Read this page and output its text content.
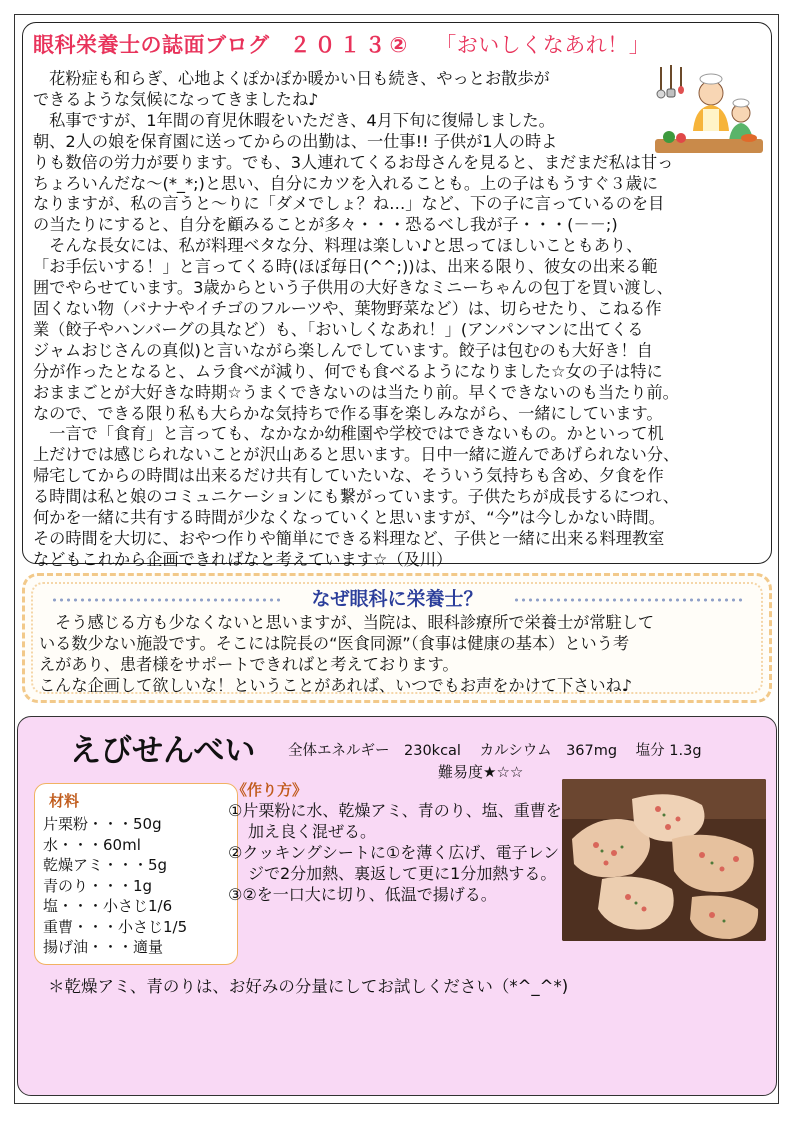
眼科栄養士の誌面ブログ ２０１３② 「おいしくなあれ！」
　花粉症も和らぎ、心地よくぽかぽか暖かい日も続き、やっとお散歩が
できるような気候になってきましたね♪
　私事ですが、1年間の育児休暇をいただき、4月下旬に復帰しました。
朝、2人の娘を保育園に送ってからの出勤は、一仕事!! 子供が1人の時よ
りも数倍の労力が要ります。でも、3人連れてくるお母さんを見ると、まだまだ私は甘っ
ちょろいんだな～(*_*;)と思い、自分にカツを入れることも。上の子はもうすぐ３歳に
なりますが、私の言うと～りに「ダメでしょ？ね…」など、下の子に言っているのを目
の当たりにすると、自分を顧みることが多々・・・恐るべし我が子・・・(－－;)
　そんな長女には、私が料理ベタな分、料理は楽しい♪と思ってほしいこともあり、
「お手伝いする！」と言ってくる時(ほぼ毎日(^^;))は、出来る限り、彼女の出来る範
囲でやらせています。3歳からという子供用の大好きなミニーちゃんの包丁を買い渡し、
固くない物（バナナやイチゴのフルーツや、葉物野菜など）は、切らせたり、こねる作
業（餃子やハンバーグの具など）も、「おいしくなあれ！」(アンパンマンに出てくる
ジャムおじさんの真似)と言いながら楽しんでしています。餃子は包むのも大好き！自
分が作ったとなると、ムラ食べが減り、何でも食べるようになりました☆女の子は特に
おままごとが大好きな時期☆うまくできないのは当たり前。早くできないのも当たり前。
なので、できる限り私も大らかな気持ちで作る事を楽しみながら、一緒にしています。
　一言で「食育」と言っても、なかなか幼稚園や学校ではできないもの。かといって机
上だけでは感じられないことが沢山あると思います。日中一緒に遊んであげられない分、
帰宅してからの時間は出来るだけ共有していたいな、そういう気持ちも含め、夕食を作
る時間は私と娘のコミュニケーションにも繋がっています。子供たちが成長するにつれ、
何かを一緒に共有する時間が少なくなっていくと思いますが、“今”は今しかない時間。
その時間を大切に、おやつ作りや簡単にできる料理など、子供と一緒に出来る料理教室
などもこれから企画できればなと考えています☆（及川）
なぜ眼科に栄養士？
　そう感じる方も少なくないと思いますが、当院は、眼科診療所で栄養士が常駐して
いる数少ない施設です。そこには院長の“医食同源”（食事は健康の基本）という考
えがあり、患者様をサポートできればと考えております。
こんな企画して欲しいな！ということがあれば、いつでもお声をかけて下さいね♪
えびせんべい 全体エネルギー　230kcal カルシウム　367mg 塩分 1.3g
難易度★☆☆
材料
片栗粉・・・50g
水・・・60ml
乾燥アミ・・・5g
青のり・・・1g
塩・・・小さじ1/6
重曹・・・小さじ1/5
揚げ油・・・適量
《作り方》
①片栗粉に水、乾燥アミ、青のり、塩、重曹を加え良く混ぜる。
②クッキングシートに①を薄く広げ、電子レンジで2分加熱、裏返して更に1分加熱する。
③②を一口大に切り、低温で揚げる。
＊乾燥アミ、青のりは、お好みの分量にしてお試しください（*^_^*)
